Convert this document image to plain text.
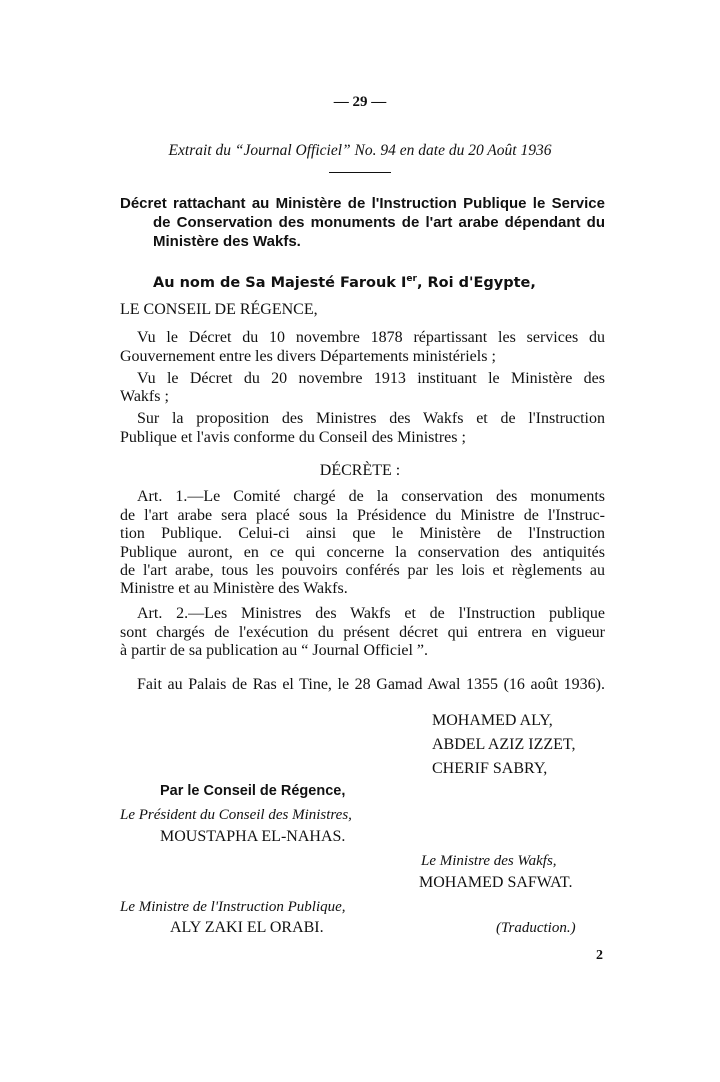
— 29 —
Extrait du “Journal Officiel” No. 94 en date du 20 Août 1936
Décret rattachant au Ministère de l'Instruction Publique le Service
de Conservation des monuments de l'art arabe dépendant du
Ministère des Wakfs.
Au nom de Sa Majesté Farouk Ier, Roi d'Egypte,
LE CONSEIL DE RÉGENCE,
Vu le Décret du 10 novembre 1878 répartissant les services du
Gouvernement entre les divers Départements ministériels ;
Vu le Décret du 20 novembre 1913 instituant le Ministère des
Wakfs ;
Sur la proposition des Ministres des Wakfs et de l'Instruction
Publique et l'avis conforme du Conseil des Ministres ;
DÉCRÈTE :
Art. 1.—Le Comité chargé de la conservation des monuments
de l'art arabe sera placé sous la Présidence du Ministre de l'Instruc-
tion Publique. Celui-ci ainsi que le Ministère de l'Instruction
Publique auront, en ce qui concerne la conservation des antiquités
de l'art arabe, tous les pouvoirs conférés par les lois et règlements au
Ministre et au Ministère des Wakfs.
Art. 2.—Les Ministres des Wakfs et de l'Instruction publique
sont chargés de l'exécution du présent décret qui entrera en vigueur
à partir de sa publication au “ Journal Officiel ”.
Fait au Palais de Ras el Tine, le 28 Gamad Awal 1355 (16 août 1936).
MOHAMED ALY,
ABDEL AZIZ IZZET,
CHERIF SABRY,
Par le Conseil de Régence,
Le Président du Conseil des Ministres,
MOUSTAPHA EL-NAHAS.
Le Ministre des Wakfs,
MOHAMED SAFWAT.
Le Ministre de l'Instruction Publique,
ALY ZAKI EL ORABI.	(Traduction.)
2
